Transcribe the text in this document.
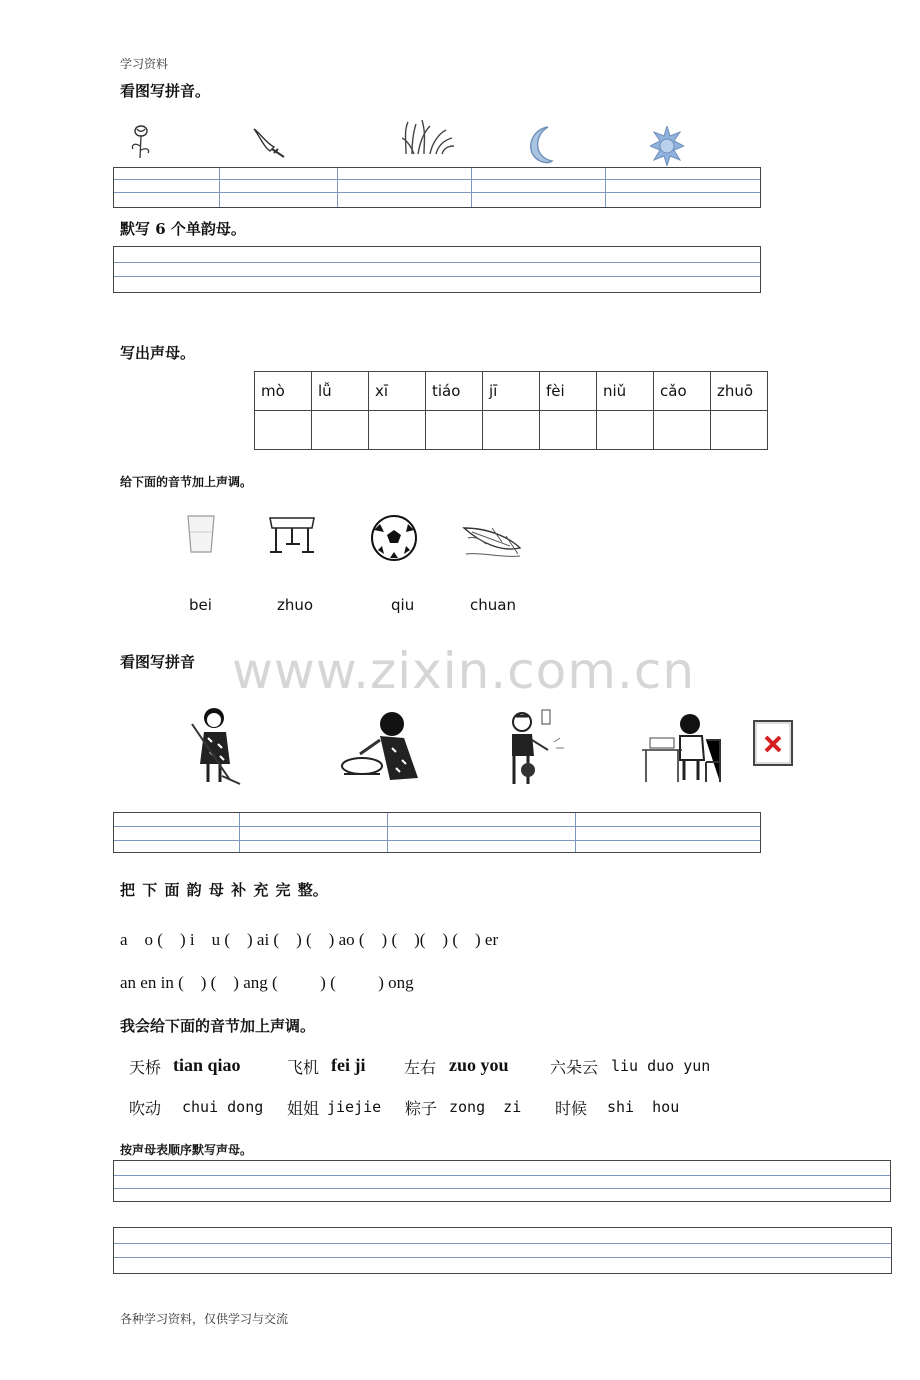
学习资料
www.zixin.com.cn
看图写拼音。
默写 6 个单韵母。
写出声母。
mò	lǚ	xī	tiáo	jī	fèi	niǔ	cǎo	zhuō

给下面的音节加上声调。
bei	zhuo	qiu	chuan
看图写拼音
把 下 面 韵 母 补 充 完 整。
a    o (    ) i    u (    ) ai (    ) (    ) ao (    ) (    )(    ) (    ) er
an en in (    ) (    ) ang (          ) (          ) ong
我会给下面的音节加上声调。
天桥 tian qiao	飞机 fei ji 左右 zuo you	六朵云 liu duo yun
吹动 chui dong 姐姐 jiejie 粽子 zong  zi 时候 shi  hou
按声母表顺序默写声母。
各种学习资料，仅供学习与交流
